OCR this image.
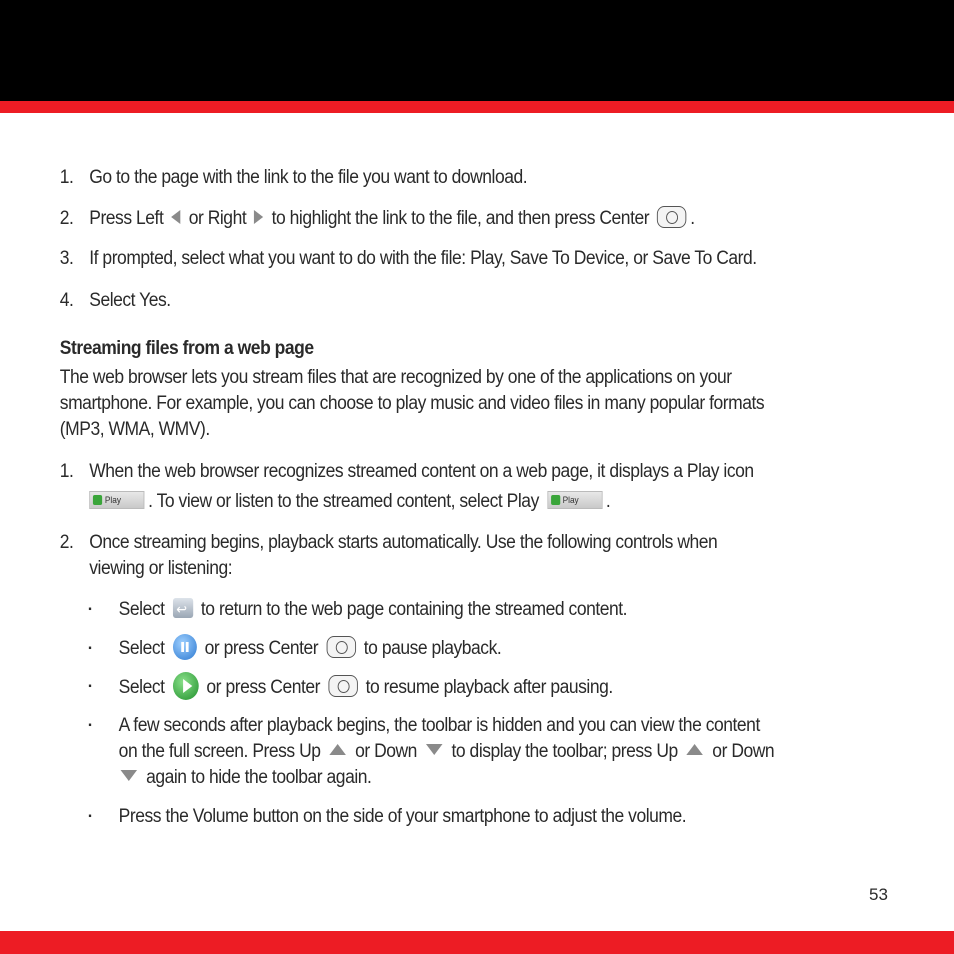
1. Go to the page with the link to the file you want to download.
2. Press Left or Right to highlight the link to the file, and then press Center .
3. If prompted, select what you want to do with the file: Play, Save To Device, or Save To Card.
4. Select Yes.
Streaming files from a web page
The web browser lets you stream files that are recognized by one of the applications on your
smartphone. For example, you can choose to play music and video files in many popular formats
(MP3, WMA, WMV).
1. When the web browser recognizes streamed content on a web page, it displays a Play icon
Play . To view or listen to the streamed content, select Play	Play .
2. Once streaming begins, playback starts automatically. Use the following controls when
viewing or listening:
▪ Select ↩ to return to the web page containing the streamed content.
▪ Select or press Center to pause playback.
▪ Select or press Center to resume playback after pausing.
▪ A few seconds after playback begins, the toolbar is hidden and you can view the content
on the full screen. Press Up or Down to display the toolbar; press Up or Down
again to hide the toolbar again.
▪ Press the Volume button on the side of your smartphone to adjust the volume.
53
